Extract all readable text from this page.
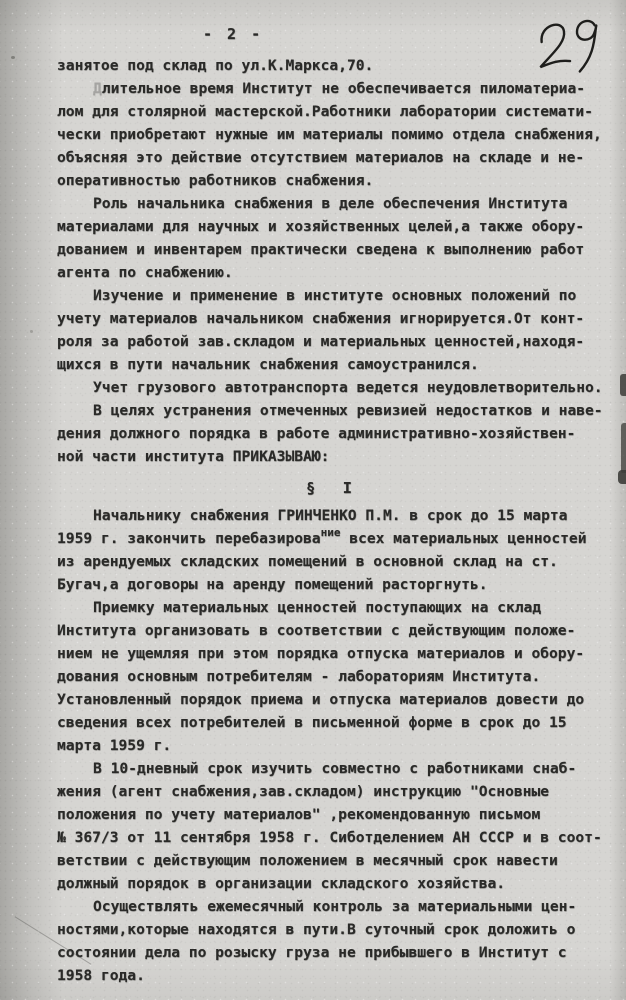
- 2 -
занятое под склад по ул.К.Маркса,70.
Длительное время Институт не обеспечивается пиломатериа-
лом для столярной мастерской.Работники лаборатории системати-
чески приобретают нужные им материалы помимо отдела снабжения,
объясняя это действие отсутствием материалов на складе и не-
оперативностью работников снабжения.
Роль начальника снабжения в деле обеспечения Института
материалами для научных и хозяйственных целей,а также обору-
дованием и инвентарем практически сведена к выполнению работ
агента по снабжению.
Изучение и применение в институте основных положений по
учету материалов начальником снабжения игнорируется.От конт-
роля за работой зав.складом и материальных ценностей,находя-
щихся в пути начальник снабжения самоустранился.
Учет грузового автотранспорта ведется неудовлетворительно.
В целях устранения отмеченных ревизией недостатков и наве-
дения должного порядка в работе административно-хозяйствен-
ной части института ПРИКАЗЫВАЮ:
§ I
Начальнику снабжения ГРИНЧЕНКО П.М. в срок до 15 марта
1959 г. закончить перебазирование всех материальных ценностей
из арендуемых складских помещений в основной склад на ст.
Бугач,а договоры на аренду помещений расторгнуть.
Приемку материальных ценностей поступающих на склад
Института организовать в соответствии с действующим положе-
нием не ущемляя при этом порядка отпуска материалов и обору-
дования основным потребителям - лабораториям Института.
Установленный порядок приема и отпуска материалов довести до
сведения всех потребителей в письменной форме в срок до 15
марта 1959 г.
В 10-дневный срок изучить совместно с работниками снаб-
жения (агент снабжения,зав.складом) инструкцию "Основные
положения по учету материалов" ,рекомендованную письмом
№ 367/3 от 11 сентября 1958 г. Сиботделением АН СССР и в соот-
ветствии с действующим положением в месячный срок навести
должный порядок в организации складского хозяйства.
Осуществлять ежемесячный контроль за материальными цен-
ностями,которые находятся в пути.В суточный срок доложить о
состоянии дела по розыску груза не прибывшего в Институт с
1958 года.
